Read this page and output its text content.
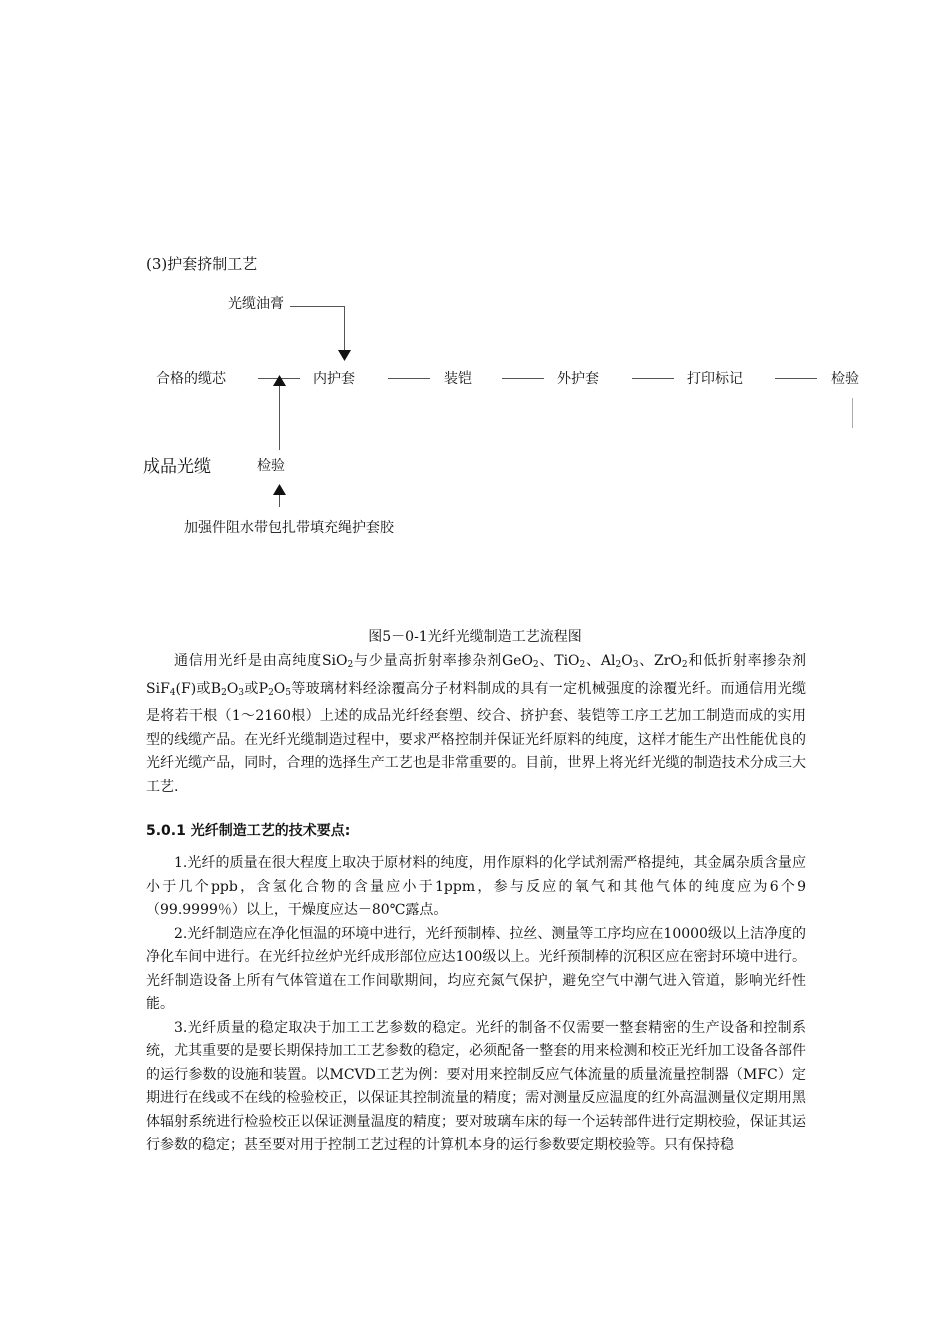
(3)护套挤制工艺
光缆油膏
合格的缆芯	内护套	装铠	外护套	打印标记	检验
成品光缆	检验
加强件阻水带包扎带填充绳护套胶
图5－0-1光纤光缆制造工艺流程图

通信用光纤是由高纯度SiO$_2$与少量高折射率掺杂剂GeO$_2$、TiO$_2$、$Al_2O_3$、ZrO$_2$和低折射率掺杂剂SiF$_4$(F)或$B_2O_3$或$P_2O_5$等玻璃材料经涂覆高分子材料制成的具有一定机械强度的涂覆光纤。而通信用光缆是将若干根（1～2160根）上述的成品光纤经套塑、绞合、挤护套、装铠等工序工艺加工制造而成的实用型的线缆产品。在光纤光缆制造过程中，要求严格控制并保证光纤原料的纯度，这样才能生产出性能优良的光纤光缆产品，同时，合理的选择生产工艺也是非常重要的。目前，世界上将光纤光缆的制造技术分成三大工艺.

5.0.1 光纤制造工艺的技术要点:

1.光纤的质量在很大程度上取决于原材料的纯度，用作原料的化学试剂需严格提纯，其金属杂质含量应小于几个ppb，含氢化合物的含量应小于1ppm，参与反应的氧气和其他气体的纯度应为6个9（99.9999％）以上，干燥度应达－80℃露点。

2.光纤制造应在净化恒温的环境中进行，光纤预制棒、拉丝、测量等工序均应在10000级以上洁净度的净化车间中进行。在光纤拉丝炉光纤成形部位应达100级以上。光纤预制棒的沉积区应在密封环境中进行。光纤制造设备上所有气体管道在工作间歇期间，均应充氮气保护，避免空气中潮气进入管道，影响光纤性能。

3.光纤质量的稳定取决于加工工艺参数的稳定。光纤的制备不仅需要一整套精密的生产设备和控制系统，尤其重要的是要长期保持加工工艺参数的稳定，必须配备一整套的用来检测和校正光纤加工设备各部件的运行参数的设施和装置。以MCVD工艺为例：要对用来控制反应气体流量的质量流量控制器（MFC）定期进行在线或不在线的检验校正，以保证其控制流量的精度；需对测量反应温度的红外高温测量仪定期用黑体辐射系统进行检验校正以保证测量温度的精度；要对玻璃车床的每一个运转部件进行定期校验，保证其运行参数的稳定；甚至要对用于控制工艺过程的计算机本身的运行参数要定期校验等。只有保持稳
